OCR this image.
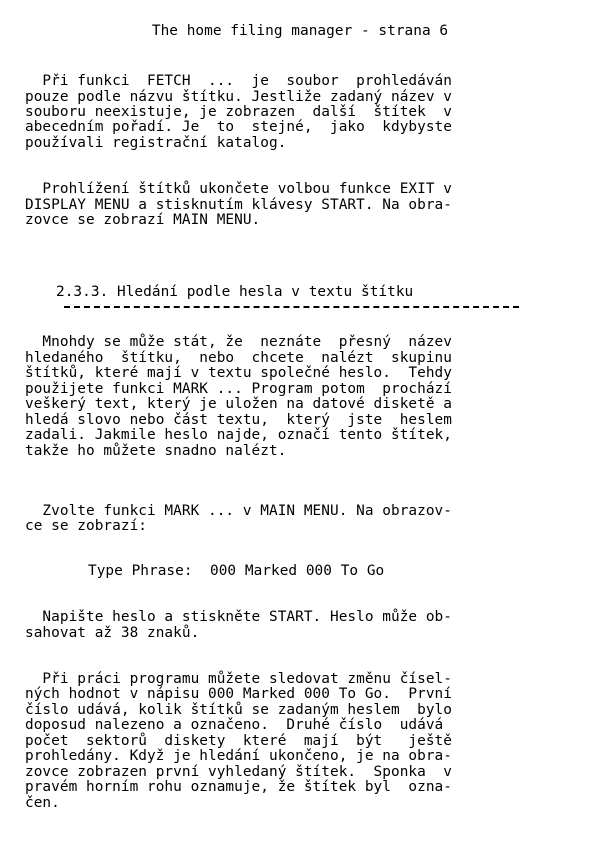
The home filing manager - strana 6
Při funkci  FETCH  ...  je  soubor  prohledáván
pouze podle názvu štítku. Jestliže zadaný název v
souboru neexistuje, je zobrazen  další  štítek  v
abecedním pořadí. Je  to  stejné,  jako  kdybyste
používali registrační katalog.
Prohlížení štítků ukončete volbou funkce EXIT v
DISPLAY MENU a stisknutím klávesy START. Na obra-
zovce se zobrazí MAIN MENU.
2.3.3. Hledání podle hesla v textu štítku
Mnohdy se může stát, že  neznáte  přesný  název
hledaného  štítku,  nebo  chcete  nalézt  skupinu
štítků, které mají v textu společné heslo.  Tehdy
použijete funkci MARK ... Program potom  prochází
veškerý text, který je uložen na datové disketě a
hledá slovo nebo část textu,  který  jste  heslem
zadali. Jakmile heslo najde, označí tento štítek,
takže ho můžete snadno nalézt.
Zvolte funkci MARK ... v MAIN MENU. Na obrazov-
ce se zobrazí:
Type Phrase:  000 Marked 000 To Go
Napište heslo a stiskněte START. Heslo může ob-
sahovat až 38 znaků.
Při práci programu můžete sledovat změnu čísel-
ných hodnot v nápisu 000 Marked 000 To Go.  První
číslo udává, kolik štítků se zadaným heslem  bylo
doposud nalezeno a označeno.  Druhé číslo  udává
počet  sektorů  diskety  které  mají  být   ještě
prohledány. Když je hledání ukončeno, je na obra-
zovce zobrazen první vyhledaný štítek.  Sponka  v
pravém horním rohu oznamuje, že štítek byl  ozna-
čen.
